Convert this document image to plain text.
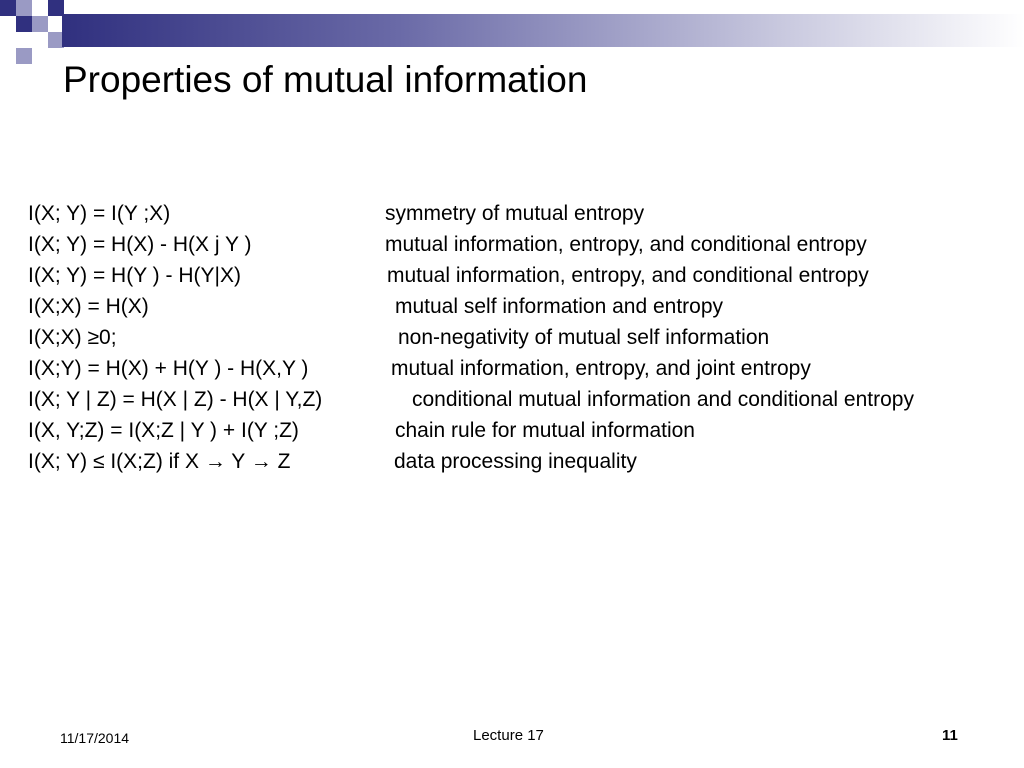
Properties of mutual information
I(X; Y) = I(Y ;X)	symmetry of mutual entropy
I(X; Y) = H(X) - H(X j Y )	mutual information, entropy, and conditional entropy
I(X; Y) = H(Y ) - H(Y|X)	mutual information, entropy, and conditional entropy
I(X;X) = H(X)	mutual self information and entropy
I(X;X) ≥0;	non-negativity of mutual self information
I(X;Y) = H(X) + H(Y ) - H(X,Y )	mutual information, entropy, and joint entropy
I(X; Y | Z) = H(X | Z) - H(X | Y,Z)	conditional mutual information and conditional entropy
I(X, Y;Z) = I(X;Z | Y ) + I(Y ;Z)	chain rule for mutual information
I(X; Y) ≤ I(X;Z) if X → Y → Z	data processing inequality
11/17/2014	Lecture 17	11
